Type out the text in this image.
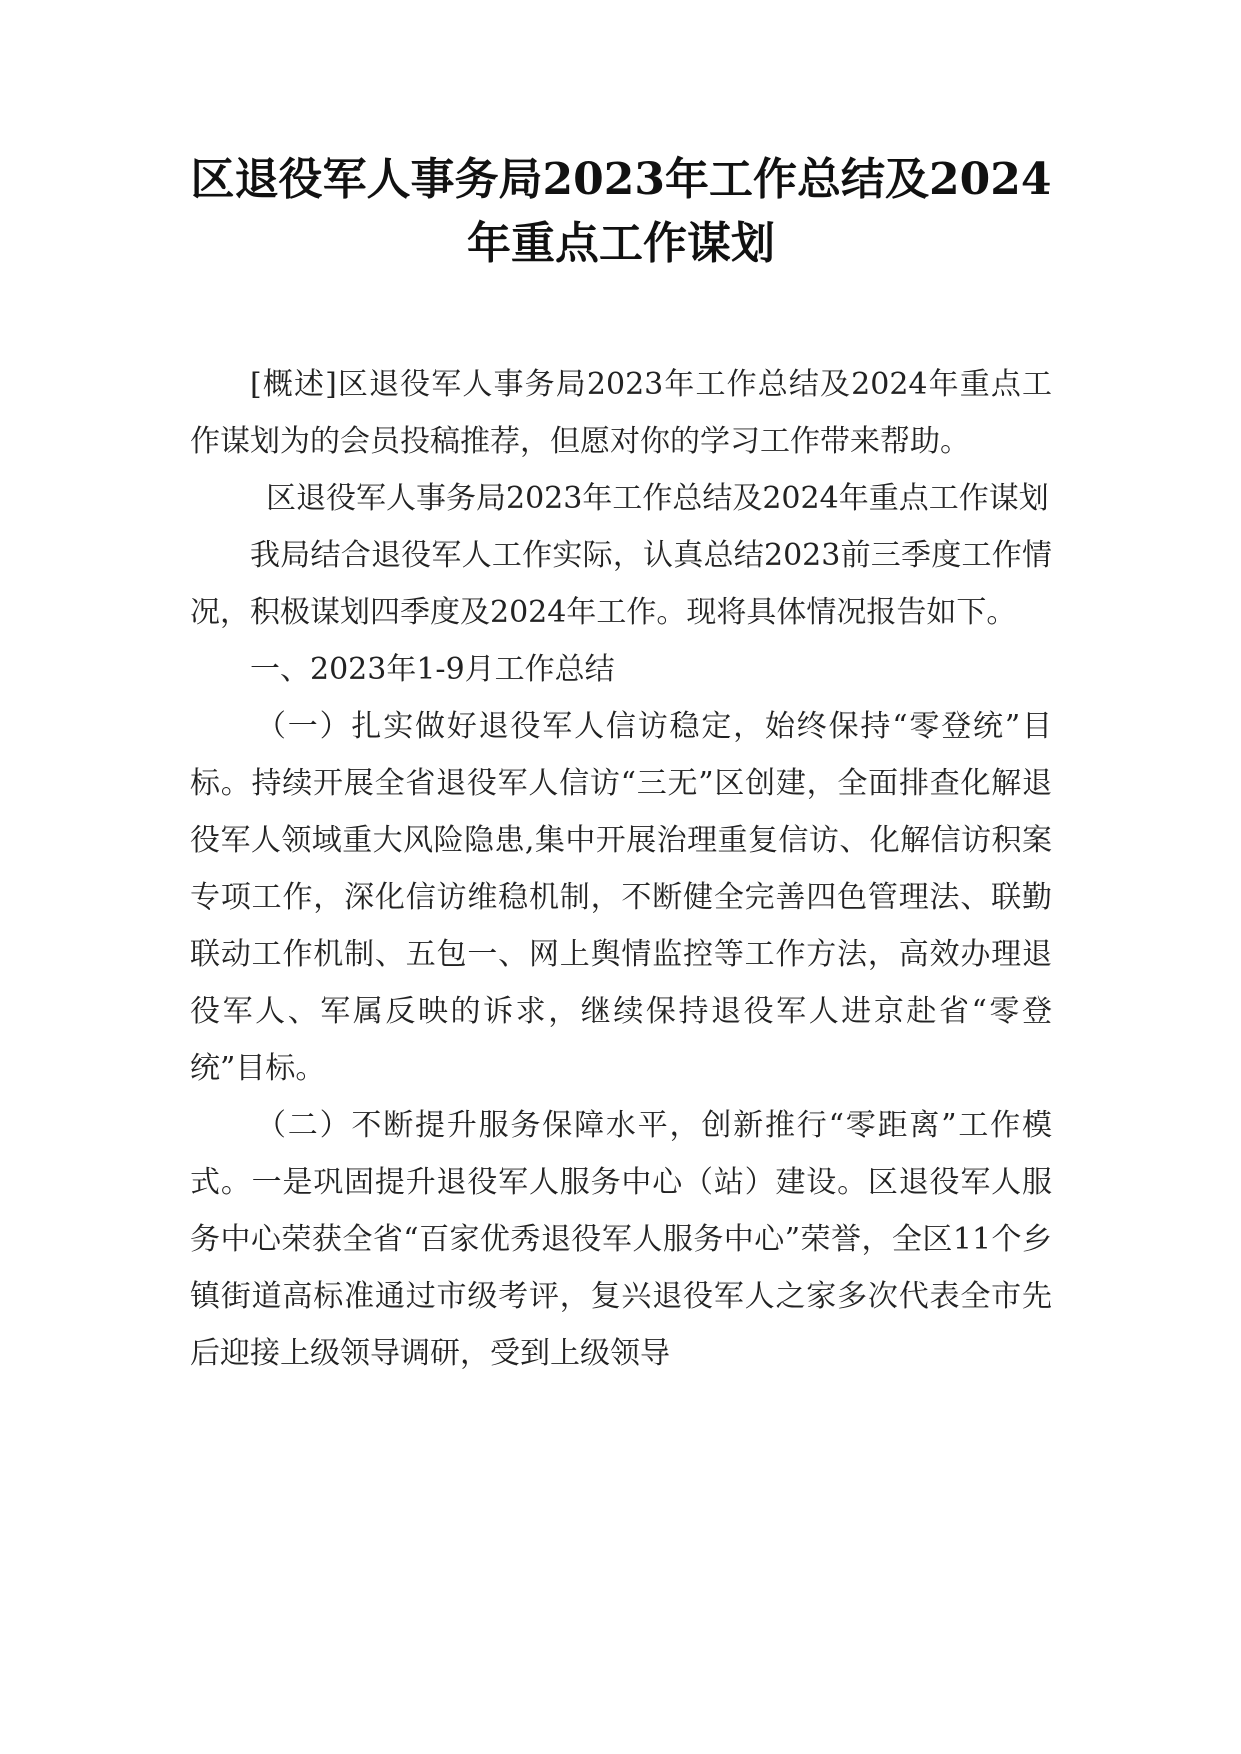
区退役军人事务局2023年工作总结及2024年重点工作谋划

[概述]区退役军人事务局2023年工作总结及2024年重点工作谋划为的会员投稿推荐，但愿对你的学习工作带来帮助。

区退役军人事务局2023年工作总结及2024年重点工作谋划

我局结合退役军人工作实际，认真总结2023前三季度工作情况，积极谋划四季度及2024年工作。现将具体情况报告如下。

一、2023年1-9月工作总结

（一）扎实做好退役军人信访稳定，始终保持“零登统”目标。持续开展全省退役军人信访“三无”区创建，全面排查化解退役军人领域重大风险隐患,集中开展治理重复信访、化解信访积案专项工作，深化信访维稳机制，不断健全完善四色管理法、联勤联动工作机制、五包一、网上舆情监控等工作方法，高效办理退役军人、军属反映的诉求，继续保持退役军人进京赴省“零登统”目标。

（二）不断提升服务保障水平，创新推行“零距离”工作模式。一是巩固提升退役军人服务中心（站）建设。区退役军人服务中心荣获全省“百家优秀退役军人服务中心”荣誉，全区11个乡镇街道高标准通过市级考评，复兴退役军人之家多次代表全市先后迎接上级领导调研，受到上级领导
